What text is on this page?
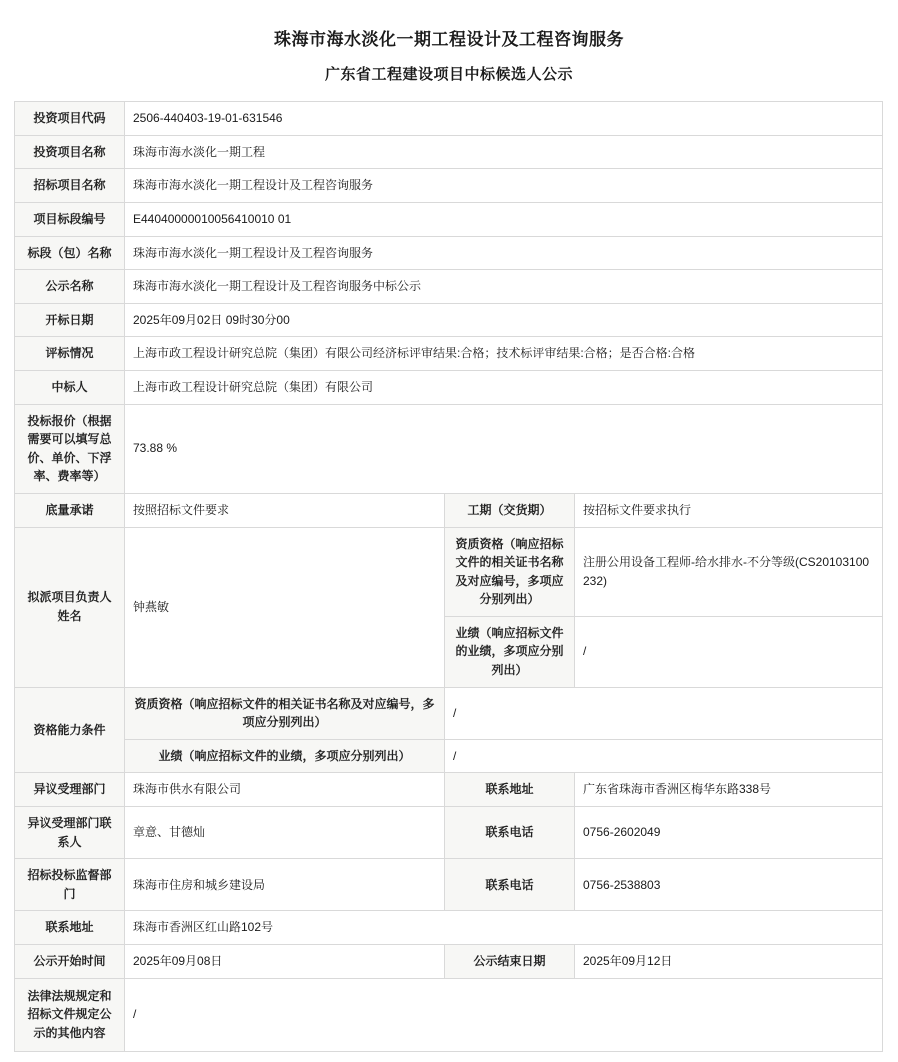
珠海市海水淡化一期工程设计及工程咨询服务
广东省工程建设项目中标候选人公示
投资项目代码	2506-440403-19-01-631546		
投资项目名称	珠海市海水淡化一期工程		
招标项目名称	珠海市海水淡化一期工程设计及工程咨询服务		
项目标段编号	E44040000010056410010 01		
标段（包）名称	珠海市海水淡化一期工程设计及工程咨询服务		
公示名称	珠海市海水淡化一期工程设计及工程咨询服务中标公示		
开标日期	2025年09月02日 09时30分00		
评标情况	上海市政工程设计研究总院（集团）有限公司经济标评审结果:合格；技术标评审结果:合格；是否合格:合格		
中标人	上海市政工程设计研究总院（集团）有限公司		
投标报价（根据需要可以填写总价、单价、下浮率、费率等）	73.88 %		
底量承诺	按照招标文件要求	工期（交货期）	按招标文件要求执行
拟派项目负责人姓名	钟燕敏	资质资格（响应招标文件的相关证书名称及对应编号，多项应分别列出）	注册公用设备工程师-给水排水-不分等级(CS20103100232)
		业绩（响应招标文件的业绩，多项应分别列出）	/
资格能力条件	资质资格（响应招标文件的相关证书名称及对应编号，多项应分别列出）	/	
	业绩（响应招标文件的业绩，多项应分别列出）	/	
异议受理部门	珠海市供水有限公司	联系地址	广东省珠海市香洲区梅华东路338号
异议受理部门联系人	章意、甘德灿	联系电话	0756-2602049
招标投标监督部门	珠海市住房和城乡建设局	联系电话	0756-2538803
联系地址	珠海市香洲区红山路102号		
公示开始时间	2025年09月08日	公示结束日期	2025年09月12日
法律法规规定和招标文件规定公示的其他内容	/		
